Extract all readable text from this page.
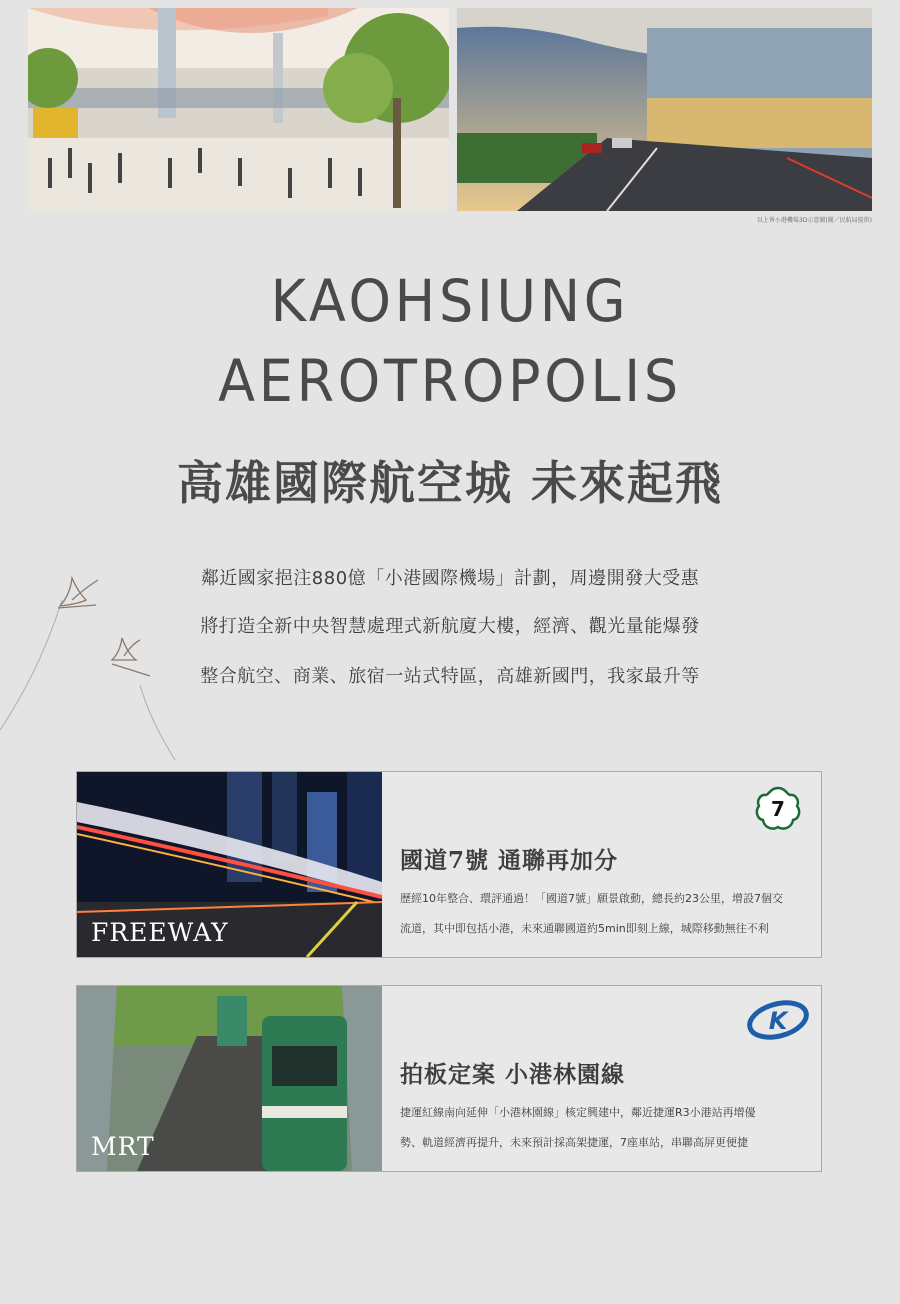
以上皆小港機場3D示意圖(圖／民航局提供)
KAOHSIUNG
AEROTROPOLIS
高雄國際航空城 未來起飛
鄰近國家挹注880億「小港國際機場」計劃，周邊開發大受惠
將打造全新中央智慧處理式新航廈大樓，經濟、觀光量能爆發
整合航空、商業、旅宿一站式特區，高雄新國門，我家最升等
FREEWAY
7
國道7號 通聯再加分

歷經10年整合、環評通過！「國道7號」願景啟動，總長約23公里，增設7個交
流道，其中即包括小港，未來通聯國道約5min即刻上線，城際移動無往不利

MRT
K
拍板定案 小港林園線

捷運紅線南向延伸「小港林園線」核定興建中，鄰近捷運R3小港站再增優
勢、軌道經濟再提升，未來預計採高架捷運，7座車站，串聯高屏更便捷
